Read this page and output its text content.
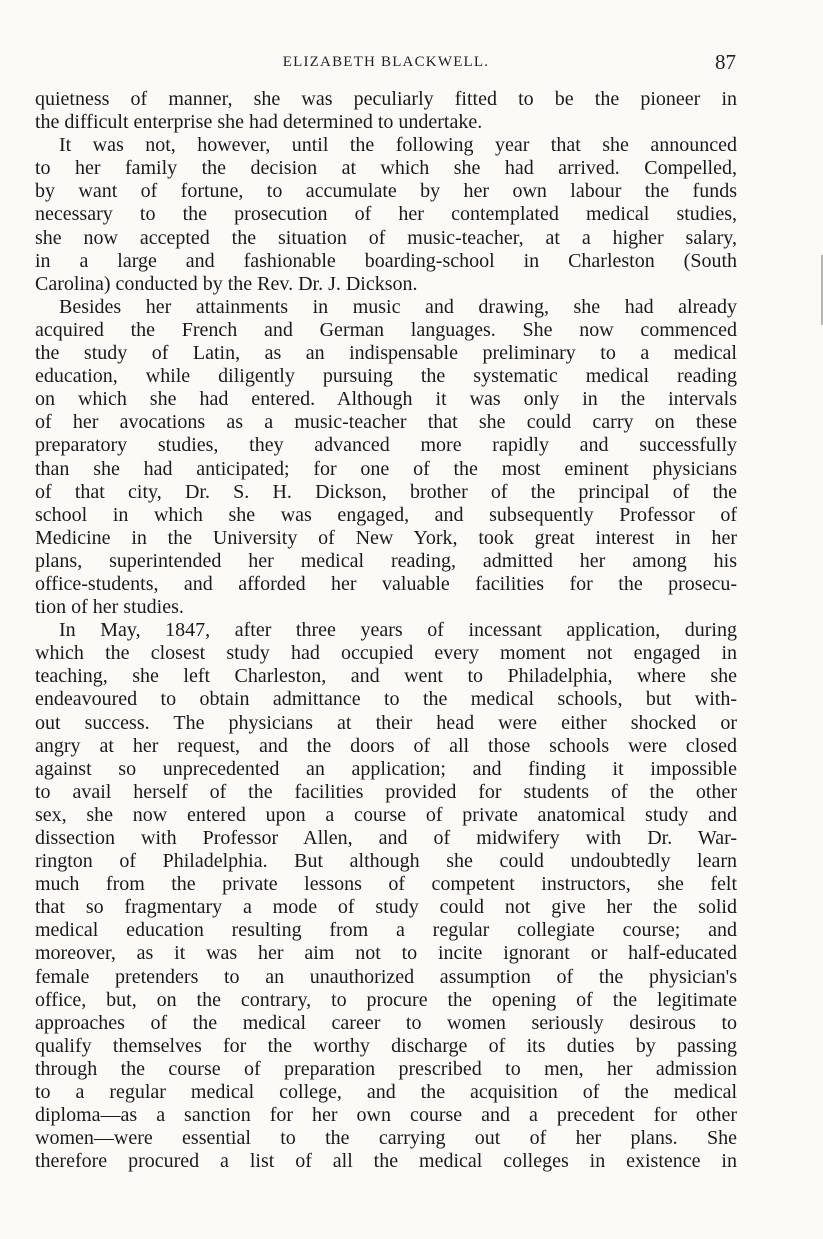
ELIZABETH BLACKWELL.	87
quietness of manner, she was peculiarly fitted to be the pioneer in
the difficult enterprise she had determined to undertake.
It was not, however, until the following year that she announced
to her family the decision at which she had arrived. Compelled,
by want of fortune, to accumulate by her own labour the funds
necessary to the prosecution of her contemplated medical studies,
she now accepted the situation of music-teacher, at a higher salary,
in a large and fashionable boarding-school in Charleston (South
Carolina) conducted by the Rev. Dr. J. Dickson.
Besides her attainments in music and drawing, she had already
acquired the French and German languages. She now commenced
the study of Latin, as an indispensable preliminary to a medical
education, while diligently pursuing the systematic medical reading
on which she had entered. Although it was only in the intervals
of her avocations as a music-teacher that she could carry on these
preparatory studies, they advanced more rapidly and successfully
than she had anticipated; for one of the most eminent physicians
of that city, Dr. S. H. Dickson, brother of the principal of the
school in which she was engaged, and subsequently Professor of
Medicine in the University of New York, took great interest in her
plans, superintended her medical reading, admitted her among his
office-students, and afforded her valuable facilities for the prosecu-
tion of her studies.
In May, 1847, after three years of incessant application, during
which the closest study had occupied every moment not engaged in
teaching, she left Charleston, and went to Philadelphia, where she
endeavoured to obtain admittance to the medical schools, but with-
out success. The physicians at their head were either shocked or
angry at her request, and the doors of all those schools were closed
against so unprecedented an application; and finding it impossible
to avail herself of the facilities provided for students of the other
sex, she now entered upon a course of private anatomical study and
dissection with Professor Allen, and of midwifery with Dr. War-
rington of Philadelphia. But although she could undoubtedly learn
much from the private lessons of competent instructors, she felt
that so fragmentary a mode of study could not give her the solid
medical education resulting from a regular collegiate course; and
moreover, as it was her aim not to incite ignorant or half-educated
female pretenders to an unauthorized assumption of the physician's
office, but, on the contrary, to procure the opening of the legitimate
approaches of the medical career to women seriously desirous to
qualify themselves for the worthy discharge of its duties by passing
through the course of preparation prescribed to men, her admission
to a regular medical college, and the acquisition of the medical
diploma—as a sanction for her own course and a precedent for other
women—were essential to the carrying out of her plans. She
therefore procured a list of all the medical colleges in existence in
